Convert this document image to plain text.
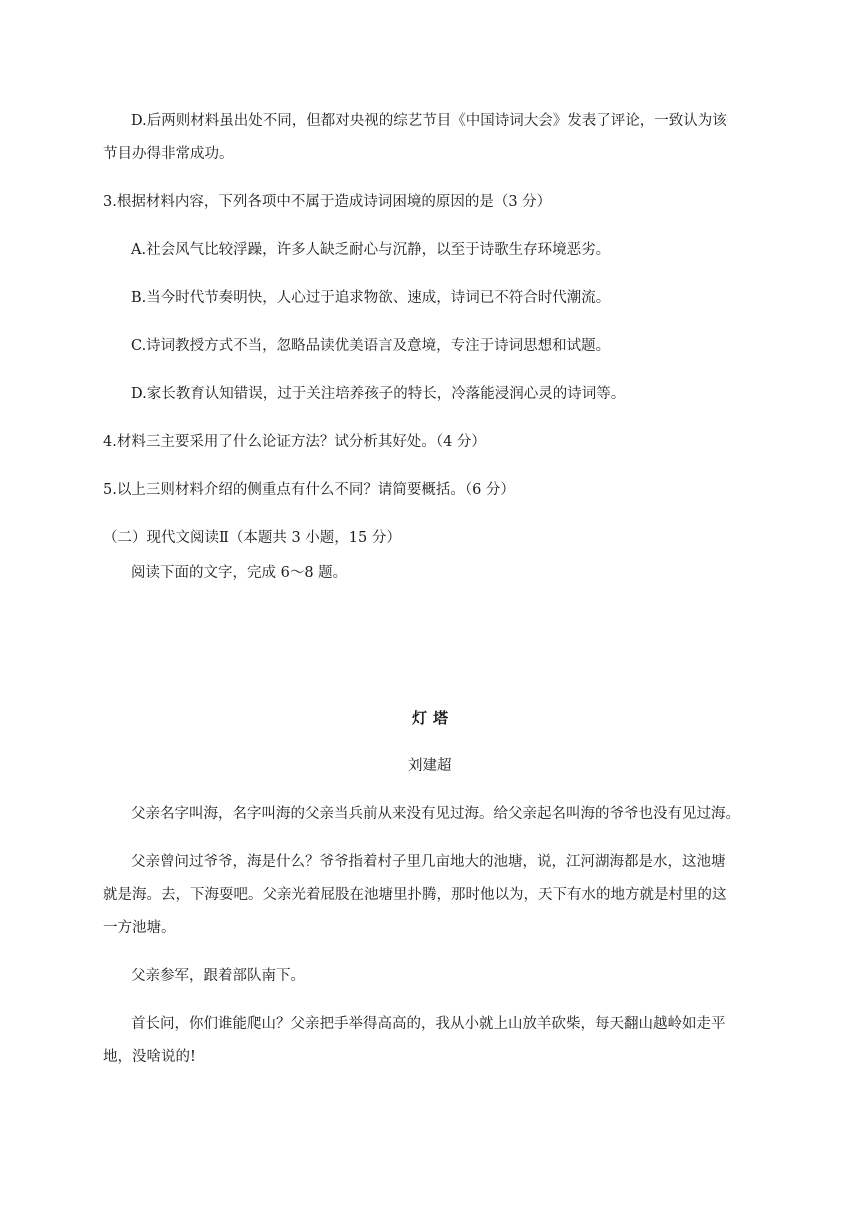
D.后两则材料虽出处不同，但都对央视的综艺节目《中国诗词大会》发表了评论，一致认为该
节目办得非常成功。
3.根据材料内容，下列各项中不属于造成诗词困境的原因的是（3 分）
A.社会风气比较浮躁，许多人缺乏耐心与沉静，以至于诗歌生存环境恶劣。
B.当今时代节奏明快，人心过于追求物欲、速成，诗词已不符合时代潮流。
C.诗词教授方式不当，忽略品读优美语言及意境，专注于诗词思想和试题。
D.家长教育认知错误，过于关注培养孩子的特长，冷落能浸润心灵的诗词等。
4.材料三主要采用了什么论证方法？试分析其好处。（4 分）
5.以上三则材料介绍的侧重点有什么不同？请简要概括。（6 分）
（二）现代文阅读Ⅱ（本题共 3 小题，15 分）
阅读下面的文字，完成 6～8 题。
灯塔
刘建超
父亲名字叫海，名字叫海的父亲当兵前从来没有见过海。给父亲起名叫海的爷爷也没有见过海。
父亲曾问过爷爷，海是什么？爷爷指着村子里几亩地大的池塘，说，江河湖海都是水，这池塘
就是海。去，下海耍吧。父亲光着屁股在池塘里扑腾，那时他以为，天下有水的地方就是村里的这
一方池塘。
父亲参军，跟着部队南下。
首长问，你们谁能爬山？父亲把手举得高高的，我从小就上山放羊砍柴，每天翻山越岭如走平
地，没啥说的!
